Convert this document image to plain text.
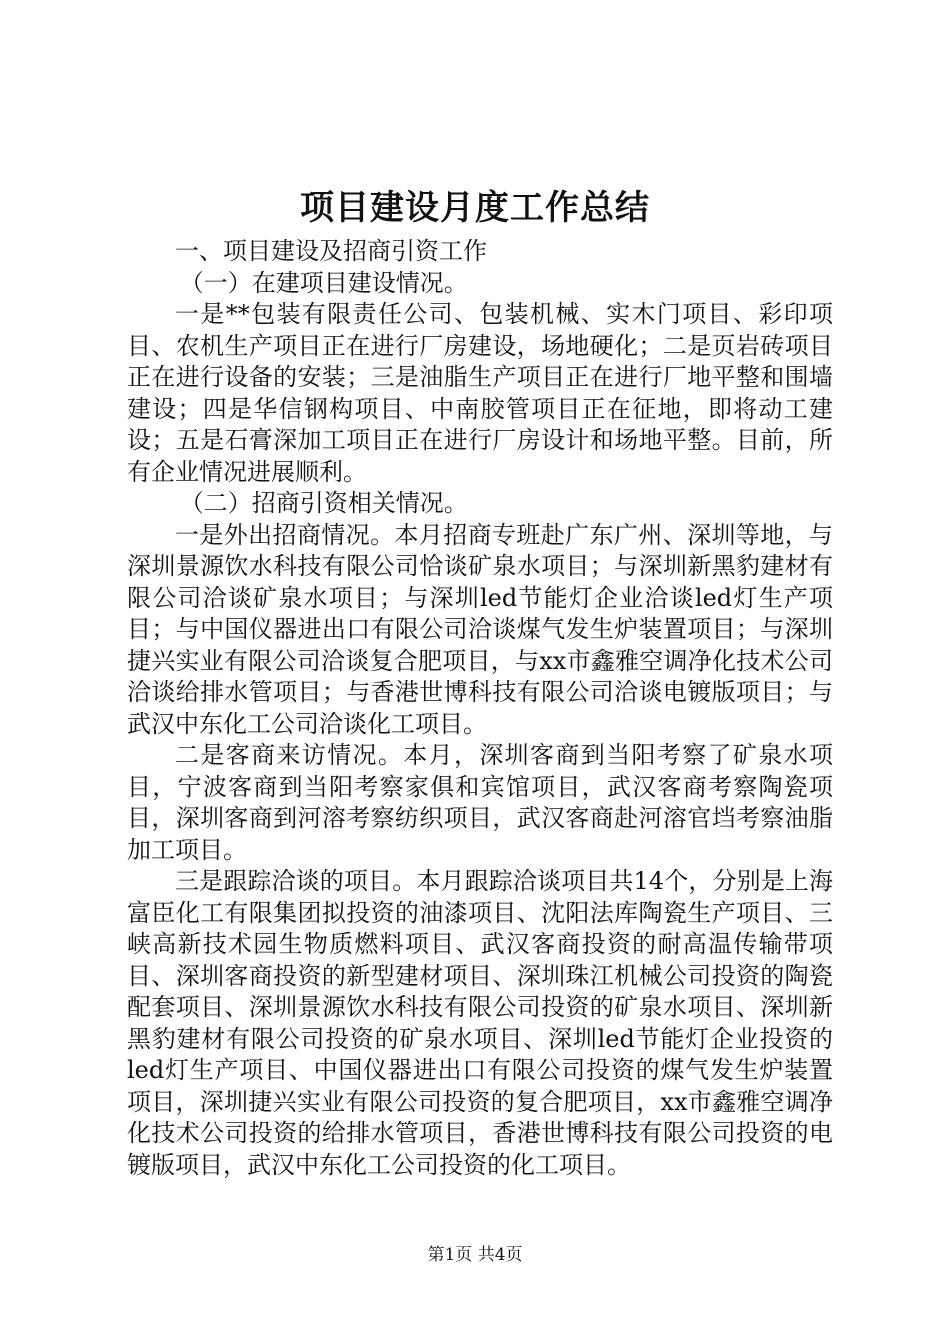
项目建设月度工作总结

一、项目建设及招商引资工作

（一）在建项目建设情况。

一是**包装有限责任公司、包装机械、实木门项目、彩印项目、农机生产项目正在进行厂房建设，场地硬化；二是页岩砖项目正在进行设备的安装；三是油脂生产项目正在进行厂地平整和围墙建设；四是华信钢构项目、中南胶管项目正在征地，即将动工建设；五是石膏深加工项目正在进行厂房设计和场地平整。目前，所有企业情况进展顺利。

（二）招商引资相关情况。

一是外出招商情况。本月招商专班赴广东广州、深圳等地，与深圳景源饮水科技有限公司恰谈矿泉水项目；与深圳新黑豹建材有限公司洽谈矿泉水项目；与深圳led节能灯企业洽谈led灯生产项目；与中国仪器进出口有限公司洽谈煤气发生炉装置项目；与深圳捷兴实业有限公司洽谈复合肥项目，与xx市鑫雅空调净化技术公司洽谈给排水管项目；与香港世博科技有限公司洽谈电镀版项目；与武汉中东化工公司洽谈化工项目。

二是客商来访情况。本月，深圳客商到当阳考察了矿泉水项目，宁波客商到当阳考察家俱和宾馆项目，武汉客商考察陶瓷项目，深圳客商到河溶考察纺织项目，武汉客商赴河溶官垱考察油脂加工项目。

三是跟踪洽谈的项目。本月跟踪洽谈项目共14个，分别是上海富臣化工有限集团拟投资的油漆项目、沈阳法库陶瓷生产项目、三峡高新技术园生物质燃料项目、武汉客商投资的耐高温传输带项目、深圳客商投资的新型建材项目、深圳珠江机械公司投资的陶瓷配套项目、深圳景源饮水科技有限公司投资的矿泉水项目、深圳新黑豹建材有限公司投资的矿泉水项目、深圳led节能灯企业投资的led灯生产项目、中国仪器进出口有限公司投资的煤气发生炉装置项目，深圳捷兴实业有限公司投资的复合肥项目，xx市鑫雅空调净化技术公司投资的给排水管项目，香港世博科技有限公司投资的电镀版项目，武汉中东化工公司投资的化工项目。

第1页 共4页
